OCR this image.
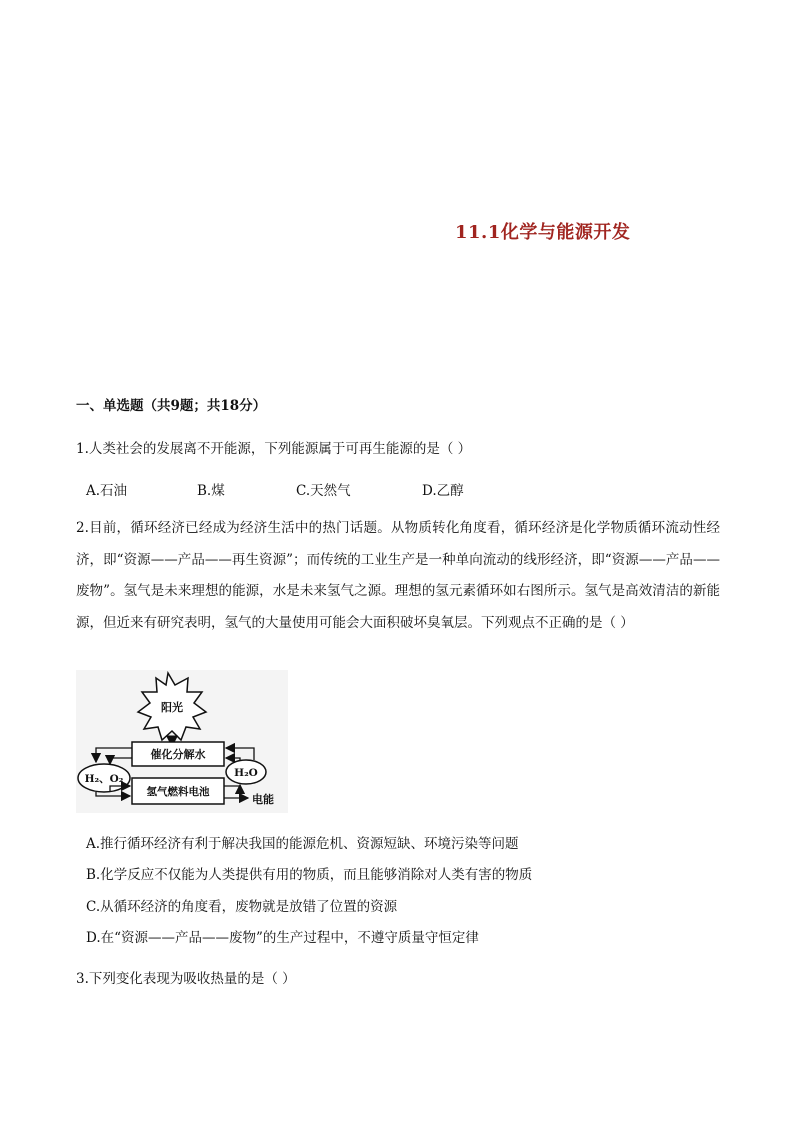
11.1化学与能源开发
一、单选题（共9题；共18分）
1.人类社会的发展离不开能源，下列能源属于可再生能源的是（ ）
A.石油	B.煤	C.天然气	D.乙醇
2.目前，循环经济已经成为经济生活中的热门话题。从物质转化角度看，循环经济是化学物质循环流动性经济，即“资源——产品——再生资源”；而传统的工业生产是一种单向流动的线形经济，即“资源——产品——废物”。氢气是未来理想的能源，水是未来氢气之源。理想的氢元素循环如右图所示。氢气是高效清洁的新能源，但近来有研究表明，氢气的大量使用可能会大面积破坏臭氧层。下列观点不正确的是（ ）
阳光
催化分解水
氢气燃料电池
H₂、O₂	H₂O
电能
A.推行循环经济有利于解决我国的能源危机、资源短缺、环境污染等问题
B.化学反应不仅能为人类提供有用的物质，而且能够消除对人类有害的物质
C.从循环经济的角度看，废物就是放错了位置的资源
D.在“资源——产品——废物”的生产过程中，不遵守质量守恒定律
3.下列变化表现为吸收热量的是（ ）
